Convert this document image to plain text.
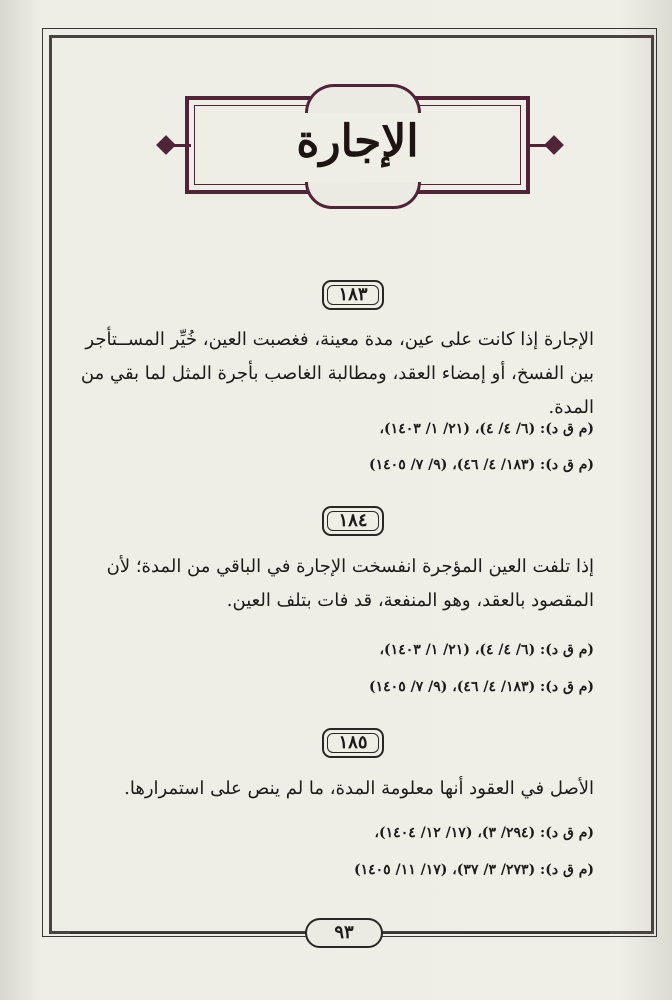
الإجارة
١٨٣
الإجارة إذا كانت على عين، مدة معينة، فغصبت العين، خُيِّر المســتأجر بين الفسخ، أو إمضاء العقد، ومطالبة الغاصب بأجرة المثل لما بقي من المدة.
(م ق د): (٦/ ٤/ ٤)، (٢١/ ١/ ١٤٠٣)،
(م ق د): (١٨٣/ ٤/ ٤٦)، (٩/ ٧/ ١٤٠٥)
١٨٤
إذا تلفت العين المؤجرة انفسخت الإجارة في الباقي من المدة؛ لأن المقصود بالعقد، وهو المنفعة، قد فات بتلف العين.
(م ق د): (٦/ ٤/ ٤)، (٢١/ ١/ ١٤٠٣)،
(م ق د): (١٨٣/ ٤/ ٤٦)، (٩/ ٧/ ١٤٠٥)
١٨٥
الأصل في العقود أنها معلومة المدة، ما لم ينص على استمرارها.
(م ق د): (٢٩٤/ ٣)، (١٧/ ١٢/ ١٤٠٤)،
(م ق د): (٢٧٣/ ٣/ ٣٧)، (١٧/ ١١/ ١٤٠٥)
٩٣
